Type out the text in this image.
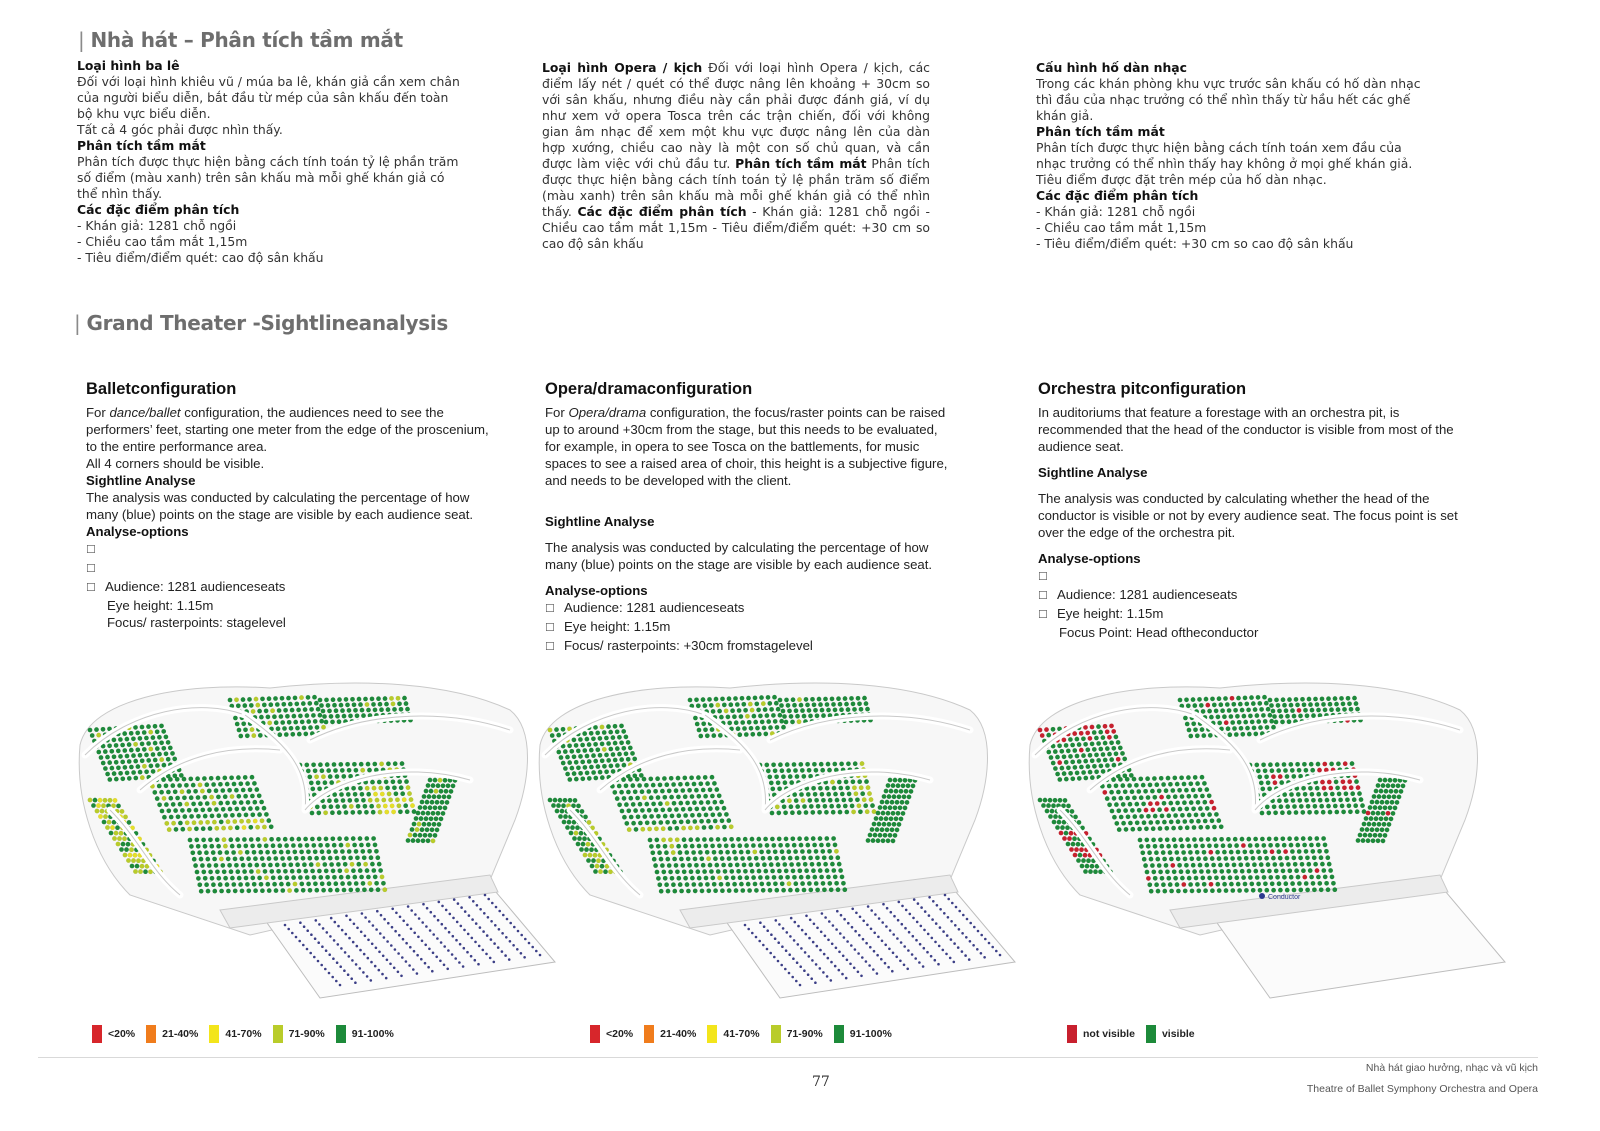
| Nhà hát – Phân tích tầm mắt

Loại hình ba lê

Đối với loại hình khiêu vũ / múa ba lê, khán giả cần xem chân của người biểu diễn, bắt đầu từ mép của sân khấu đến toàn bộ khu vực biểu diễn.

Tất cả 4 góc phải được nhìn thấy.

Phân tích tầm mắt

Phân tích được thực hiện bằng cách tính toán tỷ lệ phần trăm số điểm (màu xanh) trên sân khấu mà mỗi ghế khán giả có thể nhìn thấy.

Các đặc điểm phân tích

- Khán giả: 1281 chỗ ngồi

- Chiều cao tầm mắt 1,15m

- Tiêu điểm/điểm quét: cao độ sân khấu

Loại hình Opera / kịch Đối với loại hình Opera / kịch, các điểm lấy nét / quét có thể được nâng lên khoảng + 30cm so với sân khấu, nhưng điều này cần phải được đánh giá, ví dụ như xem vở opera Tosca trên các trận chiến, đối với không gian âm nhạc để xem một khu vực được nâng lên của dàn hợp xướng, chiều cao này là một con số chủ quan, và cần được làm việc với chủ đầu tư. Phân tích tầm mắt Phân tích được thực hiện bằng cách tính toán tỷ lệ phần trăm số điểm (màu xanh) trên sân khấu mà mỗi ghế khán giả có thể nhìn thấy. Các đặc điểm phân tích - Khán giả: 1281 chỗ ngồi - Chiều cao tầm mắt 1,15m - Tiêu điểm/điểm quét: +30 cm so cao độ sân khấu

Cấu hình hố dàn nhạc

Trong các khán phòng khu vực trước sân khấu có hố dàn nhạc thì đầu của nhạc trưởng có thể nhìn thấy từ hầu hết các ghế khán giả.

Phân tích tầm mắt

Phân tích được thực hiện bằng cách tính toán xem đầu của nhạc trưởng có thể nhìn thấy hay không ở mọi ghế khán giả.

Tiêu điểm được đặt trên mép của hố dàn nhạc.

Các đặc điểm phân tích

- Khán giả: 1281 chỗ ngồi

- Chiều cao tầm mắt 1,15m

- Tiêu điểm/điểm quét: +30 cm so cao độ sân khấu

| Grand Theater -Sightlineanalysis

Balletconfiguration

For dance/ballet configuration, the audiences need to see the performers’ feet, starting one meter from the edge of the proscenium, to the entire performance area.

All 4 corners should be visible.

Sightline Analyse

The analysis was conducted by calculating the percentage of how many (blue) points on the stage are visible by each audience seat.

Analyse-options

☐

☐

☐ Audience: 1281 audienceseats

Eye height: 1.15m

Focus/ rasterpoints: stagelevel

Opera/dramaconfiguration

For Opera/drama configuration, the focus/raster points can be raised up to around +30cm from the stage, but this needs to be evaluated, for example, in opera to see Tosca on the battlements, for music spaces to see a raised area of choir, this height is a subjective figure, and needs to be developed with the client.

Sightline Analyse

The analysis was conducted by calculating the percentage of how many (blue) points on the stage are visible by each audience seat.

Analyse-options

☐ Audience: 1281 audienceseats

☐ Eye height: 1.15m

☐ Focus/ rasterpoints: +30cm fromstagelevel

Orchestra pitconfiguration

In auditoriums that feature a forestage with an orchestra pit, is recommended that the head of the conductor is visible from most of the audience seat.

Sightline Analyse

The analysis was conducted by calculating whether the head of the conductor is visible or not by every audience seat. The focus point is set over the edge of the orchestra pit.

Analyse-options

☐

☐ Audience: 1281 audienceseats

☐ Eye height: 1.15m

Focus Point: Head oftheconductor

Conductor
<20%	21-40%	41-70%	71-90%	91-100%	<20%	21-40%	41-70%	71-90%	91-100%	not visible	visible
77
Nhà hát giao hưởng, nhạc và vũ kịch
Theatre of Ballet Symphony Orchestra and Opera
